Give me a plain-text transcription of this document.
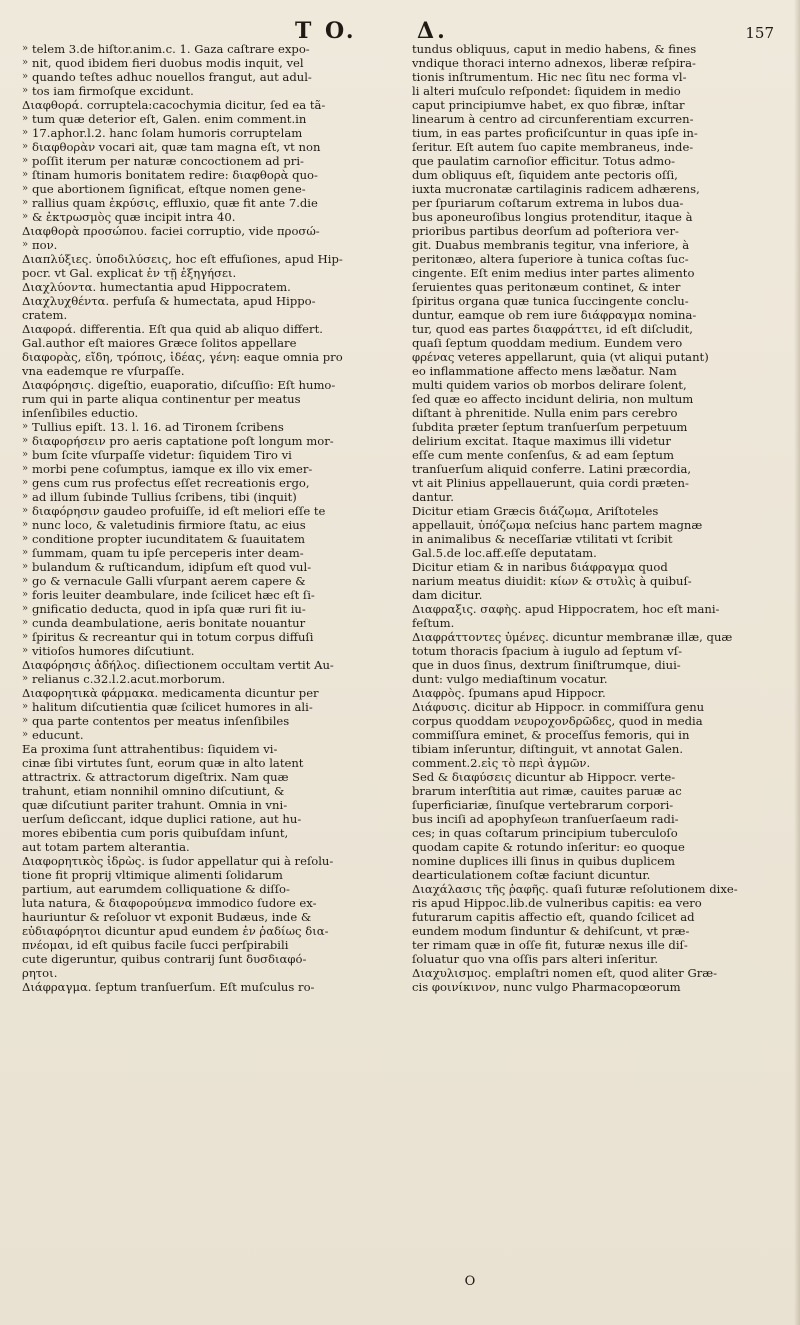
T O.	Δ.	157
» telem 3.de hiſtor.anim.c. 1. Gaza caſtrare expo-
» nit, quod ibidem fieri duobus modis inquit, vel
» quando teſtes adhuc nouellos frangut, aut adul-
» tos iam firmoſque excidunt.
Διαφθορά. corruptela:cacochymia dicitur, ſed ea tã-
» tum quæ deterior eſt, Galen. enim comment.in
» 17.aphor.l.2. hanc ſolam humoris corruptelam
» διαφθορὰν vocari ait, quæ tam magna eſt, vt non
» poſſit iterum per naturæ concoctionem ad pri-
» ſtinam humoris bonitatem redire: διαφθορὰ quo-
» que abortionem ſignificat, eſtque nomen gene-
» rallius quam ἐκρύσις, effluxio, quæ fit ante 7.die
» & ἐκτρωσμὸς quæ incipit intra 40.
Διαφθορὰ προσώπου. faciei corruptio, vide προσώ-
» πον.
Διαπλύξιες. ὑποδιλύσεις, hoc eſt effuſiones, apud Hip-
pocr. vt Gal. explicat ἐν τῇ ἐξηγήσει.
Διαχλύοντα. humectantia apud Hippocratem.
Διαχλυχθέντα. perfuſa & humectata, apud Hippo-
cratem.
Διαφορά. differentia. Eſt qua quid ab aliquo differt.
Gal.author eſt maiores Græce ſolitos appellare
διαφορὰς, εἴδη, τρόποις, ἰδέας, γένη: eaque omnia pro
vna eademque re vſurpaſſe.
Διαφόρησις. digeſtio, euaporatio, diſcuſſio: Eſt humo-
rum qui in parte aliqua continentur per meatus
inſenſibiles eductio.
» Tullius epiſt. 13. l. 16. ad Tironem ſcribens
» διαφορήσειν pro aeris captatione poſt longum mor-
» bum ſcite vſurpaſſe videtur: ſiquidem Tiro vi
» morbi pene coſumptus, iamque ex illo vix emer-
» gens cum rus profectus eſſet recreationis ergo,
» ad illum ſubinde Tullius ſcribens, tibi (inquit)
» διαφόρησιν gaudeo profuiſſe, id eſt meliori eſſe te
» nunc loco, & valetudinis firmiore ſtatu, ac eius
» conditione propter iucunditatem & ſuauitatem
» ſummam, quam tu ipſe perceperis inter deam-
» bulandum & ruſticandum, idipſum eſt quod vul-
» go & vernacule Galli vſurpant aerem capere &
» foris leuiter deambulare, inde ſcilicet hæc eſt ſi-
» gnificatio deducta, quod in ipſa quæ ruri fit iu-
» cunda deambulatione, aeris bonitate nouantur
» ſpiritus & recreantur qui in totum corpus diffuſi
» vitioſos humores diſcutiunt.
Διαφόρησις ἀδήλος. diſiectionem occultam vertit Au-
» relianus c.32.l.2.acut.morborum.
Διαφορητικὰ φάρμακα. medicamenta dicuntur per
» halitum diſcutientia quæ ſcilicet humores in ali-
» qua parte contentos per meatus inſenſibiles
» educunt.
Ea proxima ſunt attrahentibus: ſiquidem vi-
cinæ ſibi virtutes ſunt, eorum quæ in alto latent
attractrix. & attractorum digeſtrix. Nam quæ
trahunt, etiam nonnihil omnino diſcutiunt, &
quæ diſcutiunt pariter trahunt. Omnia in vni-
uerſum deſiccant, idque duplici ratione, aut hu-
mores ebibentia cum poris quibuſdam inſunt,
aut totam partem alterantia.
Διαφορητικὸς ἱδρὼς. is ſudor appellatur qui à reſolu-
tione fit proprij vltimique alimenti ſolidarum
partium, aut earumdem colliquatione & diſſo-
luta natura, & διαφορούμενα immodico ſudore ex-
hauriuntur & reſoluor vt exponit Budæus, inde &
εὐδιαφόρητοι dicuntur apud eundem ἐν ῥαδίως δια-
πνέομαι, id eſt quibus facile ſucci perſpirabili
cute digeruntur, quibus contrarij ſunt δυσδιαφό-
ρητοι.
Διάφραγμα. ſeptum tranſuerſum. Eſt muſculus ro-
tundus obliquus, caput in medio habens, & fines
vndique thoraci interno adnexos, liberæ reſpira-
tionis inſtrumentum. Hic nec ſitu nec forma vl-
li alteri muſculo reſpondet: ſiquidem in medio
caput principiumve habet, ex quo fibræ, inſtar
linearum à centro ad circunferentiam excurren-
tium, in eas partes proficiſcuntur in quas ipſe in-
ſeritur. Eſt autem ſuo capite membraneus, inde-
que paulatim carnoſior efficitur. Totus admo-
dum obliquus eſt, ſiquidem ante pectoris oſſi,
iuxta mucronatæ cartilaginis radicem adhærens,
per ſpuriarum coſtarum extrema in lubos dua-
bus aponeuroſibus longius protenditur, itaque à
prioribus partibus deorſum ad poſteriora ver-
git. Duabus membranis tegitur, vna inferiore, à
peritonæo, altera ſuperiore à tunica coſtas ſuc-
cingente. Eſt enim medius inter partes alimento
ſeruientes quas peritonæum continet, & inter
ſpiritus organa quæ tunica ſuccingente conclu-
duntur, eamque ob rem iure διάφραγμα nomina-
tur, quod eas partes διαφράττει, id eſt diſcludit,
quaſi ſeptum quoddam medium. Eundem vero
φρένας veteres appellarunt, quia (vt aliqui putant)
eo inflammatione affecto mens læðatur. Nam
multi quidem varios ob morbos delirare ſolent,
ſed quæ eo affecto incidunt deliria, non multum
diſtant à phrenitide. Nulla enim pars cerebro
ſubdita præter ſeptum tranſuerſum perpetuum
delirium excitat. Itaque maximus illi videtur
eſſe cum mente conſenſus, & ad eam ſeptum
tranſuerſum aliquid conferre. Latini præcordia,
vt ait Plinius appellauerunt, quia cordi præten-
dantur.
Dicitur etiam Græcis διάζωμα, Ariſtoteles «
appellauit, ὑπόζωμα neſcius hanc partem magnæ «
in animalibus & neceſſariæ vtilitati vt ſcribit «
Gal.5.de loc.aff.eſſe deputatam.
Dicitur etiam & in naribus διάφραγμα quod
narium meatus diuidit: κίων & στυλὶς à quibuſ-
dam dicitur.
Διαφραξις. σαφὴς. apud Hippocratem, hoc eſt mani-
feſtum.
Διαφράττοντες ὑμένες. dicuntur membranæ illæ, quæ
totum thoracis ſpacium à iugulo ad ſeptum vſ-
que in duos ſinus, dextrum ſiniſtrumque, diui-
dunt: vulgo mediaſtinum vocatur.
Διαφρὸς. ſpumans apud Hippocr.
Διάφυσις. dicitur ab Hippocr. in commiſſura genu
corpus quoddam νευροχονδρῶδες, quod in media
commiſſura eminet, & proceſſus femoris, qui in
tibiam inſeruntur, diſtinguit, vt annotat Galen.
comment.2.εἰς τὸ περὶ ἀγμῶν.
Sed & διαφύσεις dicuntur ab Hippocr. verte- «
brarum interſtitia aut rimæ, cauites paruæ ac «
ſuperficiariæ, ſinuſque vertebrarum corpori- «
bus inciſi ad apophyſeωn tranſuerſaeum radi- «
ces; in quas coſtarum principium tuberculoſo «
quodam capite & rotundo inſeritur: eo quoque «
nomine duplices illi ſinus in quibus duplicem «
dearticulationem coſtæ faciunt dicuntur. «
Διαχάλασις τῆς ῥαφῆς. quaſi futuræ reſolutionem dixe- «
ris apud Hippoc.lib.de vulneribus capitis: ea vero «
futurarum capitis affectio eſt, quando ſcilicet ad «
eundem modum ſinduntur & dehiſcunt, vt præ- «
ter rimam quæ in oſſe fit, futuræ nexus ille diſ- «
ſoluatur quo vna oſſis pars alteri inſeritur. «
Διαχυλισμος. emplaſtri nomen eſt, quod aliter Græ- «
cis φοινίκινον, nunc vulgo Pharmacopœorum «
O
